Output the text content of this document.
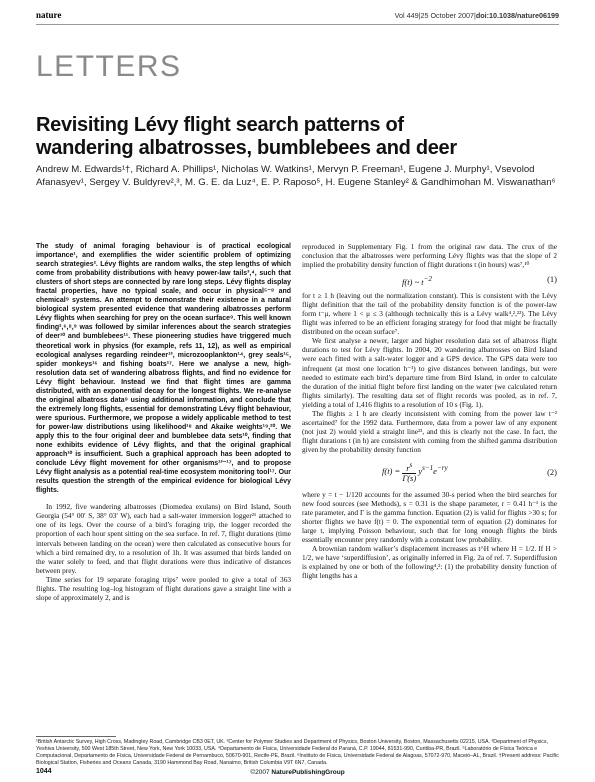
nature	Vol 449|25 October 2007|doi:10.1038/nature06199
LETTERS
Revisiting Lévy flight search patterns of wandering albatrosses, bumblebees and deer
Andrew M. Edwards¹†, Richard A. Phillips¹, Nicholas W. Watkins¹, Mervyn P. Freeman¹, Eugene J. Murphy¹, Vsevolod Afanasyev¹, Sergey V. Buldyrev²,³, M. G. E. da Luz⁴, E. P. Raposo⁵, H. Eugene Stanley² & Gandhimohan M. Viswanathan⁶

The study of animal foraging behaviour is of practical ecological importance¹, and exemplifies the wider scientific problem of optimizing search strategies². Lévy flights are random walks, the step lengths of which come from probability distributions with heavy power-law tails³,⁴, such that clusters of short steps are connected by rare long steps. Lévy flights display fractal properties, have no typical scale, and occur in physical⁵⁻⁸ and chemical⁹ systems. An attempt to demonstrate their existence in a natural biological system presented evidence that wandering albatrosses perform Lévy flights when searching for prey on the ocean surface⁹. This well known finding²,⁶,⁸,⁹ was followed by similar inferences about the search strategies of deer¹⁰ and bumblebees¹¹. These pioneering studies have triggered much theoretical work in physics (for example, refs 11, 12), as well as empirical ecological analyses regarding reindeer¹³, microzooplankton¹⁴, grey seals¹⁵, spider monkeys¹⁶ and fishing boats¹⁷. Here we analyse a new, high-resolution data set of wandering albatross flights, and find no evidence for Lévy flight behaviour. Instead we find that flight times are gamma distributed, with an exponential decay for the longest flights. We re-analyse the original albatross data⁹ using additional information, and conclude that the extremely long flights, essential for demonstrating Lévy flight behaviour, were spurious. Furthermore, we propose a widely applicable method to test for power-law distributions using likelihood¹⁸ and Akaike weights¹⁹,²⁰. We apply this to the four original deer and bumblebee data sets¹⁰, finding that none exhibits evidence of Lévy flights, and that the original graphical approach¹⁰ is insufficient. Such a graphical approach has been adopted to conclude Lévy flight movement for other organisms¹³⁻¹⁷, and to propose Lévy flight analysis as a potential real-time ecosystem monitoring tool¹⁷. Our results question the strength of the empirical evidence for biological Lévy flights.

In 1992, five wandering albatrosses (Diomedea exulans) on Bird Island, South Georgia (54° 00′ S, 38° 03′ W), each had a salt-water immersion logger²¹ attached to one of its legs. Over the course of a bird’s foraging trip, the logger recorded the proportion of each hour spent sitting on the sea surface. In ref. 7, flight durations (time intervals between landing on the ocean) were then calculated as consecutive hours for which a bird remained dry, to a resolution of 1h. It was assumed that birds landed on the water solely to feed, and that flight durations were thus indicative of distances between prey.

Time series for 19 separate foraging trips⁷ were pooled to give a total of 363 flights. The resulting log–log histogram of flight durations gave a straight line with a slope of approximately 2, and is

reproduced in Supplementary Fig. 1 from the original raw data. The crux of the conclusion that the albatrosses were performing Lévy flights was that the slope of 2 implied the probability density function of flight durations t (in hours) was⁷,¹⁰

f(t) ~ $t^{-2}$	(1)

for t ≥ 1 h (leaving out the normalization constant). This is consistent with the Lévy flight definition that the tail of the probability density function is of the power-law form t⁻μ, where 1 < μ ≤ 3 (although technically this is a Lévy walk⁴,²,²²). The Lévy flight was inferred to be an efficient foraging strategy for food that might be fractally distributed on the ocean surface⁷.

We first analyse a newer, larger and higher resolution data set of albatross flight durations to test for Lévy flights. In 2004, 20 wandering albatrosses on Bird Island were each fitted with a salt-water logger and a GPS device. The GPS data were too infrequent (at most one location h⁻¹) to give distances between landings, but were needed to estimate each bird’s departure time from Bird Island, in order to calculate the duration of the initial flight before first landing on the water (we calculated return flights similarly). The resulting data set of flight records was pooled, as in ref. 7, yielding a total of 1,416 flights to a resolution of 10 s (Fig. 1).

The flights ≥ 1 h are clearly inconsistent with coming from the power law t⁻² ascertained⁷ for the 1992 data. Furthermore, data from a power law of any exponent (not just 2) would yield a straight line²³, and this is clearly not the case. In fact, the flight durations t (in h) are consistent with coming from the shifted gamma distribution given by the probability density function

$f(t) = \frac{r^s}{\Gamma(s)} y^{s-1}e^{-ry}$	(2)

where y = t − 1/120 accounts for the assumed 30-s period when the bird searches for new food sources (see Methods), s = 0.31 is the shape parameter, r = 0.41 h⁻¹ is the rate parameter, and Γ is the gamma function. Equation (2) is valid for flights >30 s; for shorter flights we have f(t) = 0. The exponential term of equation (2) dominates for large t, implying Poisson behaviour, such that for long enough flights the birds essentially encounter prey randomly with a constant low probability.

A brownian random walker’s displacement increases as t^H where H = 1/2. If H > 1/2, we have ‘superdiffusion’, as originally inferred in Fig. 2a of ref. 7. Superdiffusion is explained by one or both of the following⁴,²: (1) the probability density function of flight lengths has a

¹British Antarctic Survey, High Cross, Madingley Road, Cambridge CB3 0ET, UK. ²Center for Polymer Studies and Department of Physics, Boston University, Boston, Massachusetts 02215, USA. ³Department of Physics, Yeshiva University, 500 West 185th Street, New York, New York 10033, USA. ⁴Departamento de Física, Universidade Federal do Paraná, C.P. 19044, 81531-990, Curitiba-PR, Brazil. ⁵Laboratório de Física Teórica e Computacional, Departamento de Física, Universidade Federal de Pernambuco, 50670-901, Recife-PE, Brazil. ⁶Instituto de Física, Universidade Federal de Alagoas, 57072-970, Maceió–AL, Brazil. †Present address: Pacific Biological Station, Fisheries and Oceans Canada, 3190 Hammond Bay Road, Nanaimo, British Columbia V9T 6N7, Canada.
1044	©2007 NaturePublishingGroup
